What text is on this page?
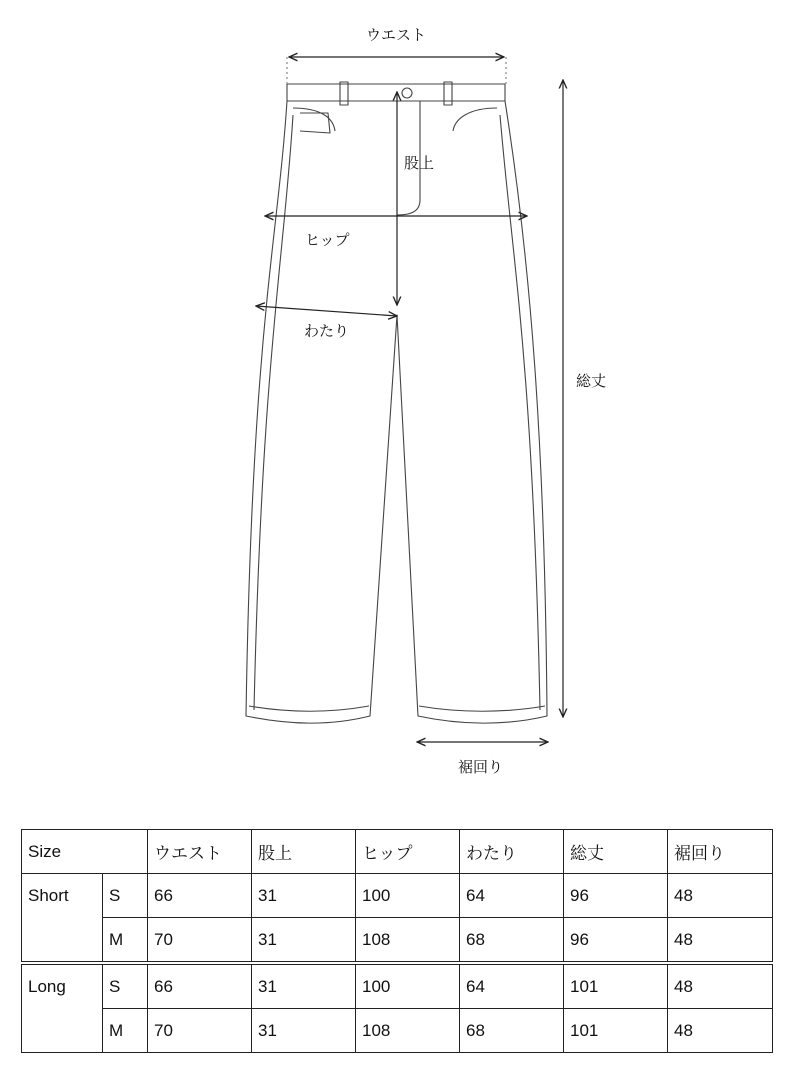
ウエスト
股上
ヒップ
わたり
総丈
裾回り
Size		ウエスト	股上	ヒップ	わたり	総丈	裾回り
Short	S	66	31	100	64	96	48
	M	70	31	108	68	96	48
Long	S	66	31	100	64	101	48
	M	70	31	108	68	101	48
